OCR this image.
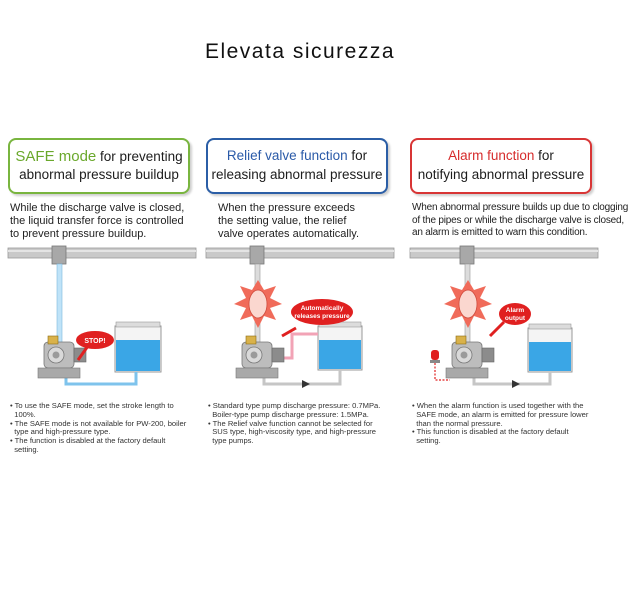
Elevata sicurezza
SAFE mode for preventing
abnormal pressure buildup
While the discharge valve is closed,
the liquid transfer force is controlled
to prevent pressure buildup.
STOP!
• To use the SAFE mode, set the stroke length to
100%.
• The SAFE mode is not available for PW-200, boiler
type and high-pressure type.
• The function is disabled at the factory default
setting.
Relief valve function for
releasing abnormal pressure
When the pressure exceeds
the setting value, the relief
valve operates automatically.
Automatically
releases pressure
• Standard type pump discharge pressure: 0.7MPa.
Boiler-type pump discharge pressure: 1.5MPa.
• The Relief valve function cannot be selected for
SUS type, high-viscosity type, and high-pressure
type pumps.
Alarm function for
notifying abnormal pressure
When abnormal pressure builds up due to clogging
of the pipes or while the discharge valve is closed,
an alarm is emitted to warn this condition.
Alarm
output
• When the alarm function is used together with the
SAFE mode, an alarm is emitted for pressure lower
than the normal pressure.
• This function is disabled at the factory default
setting.
